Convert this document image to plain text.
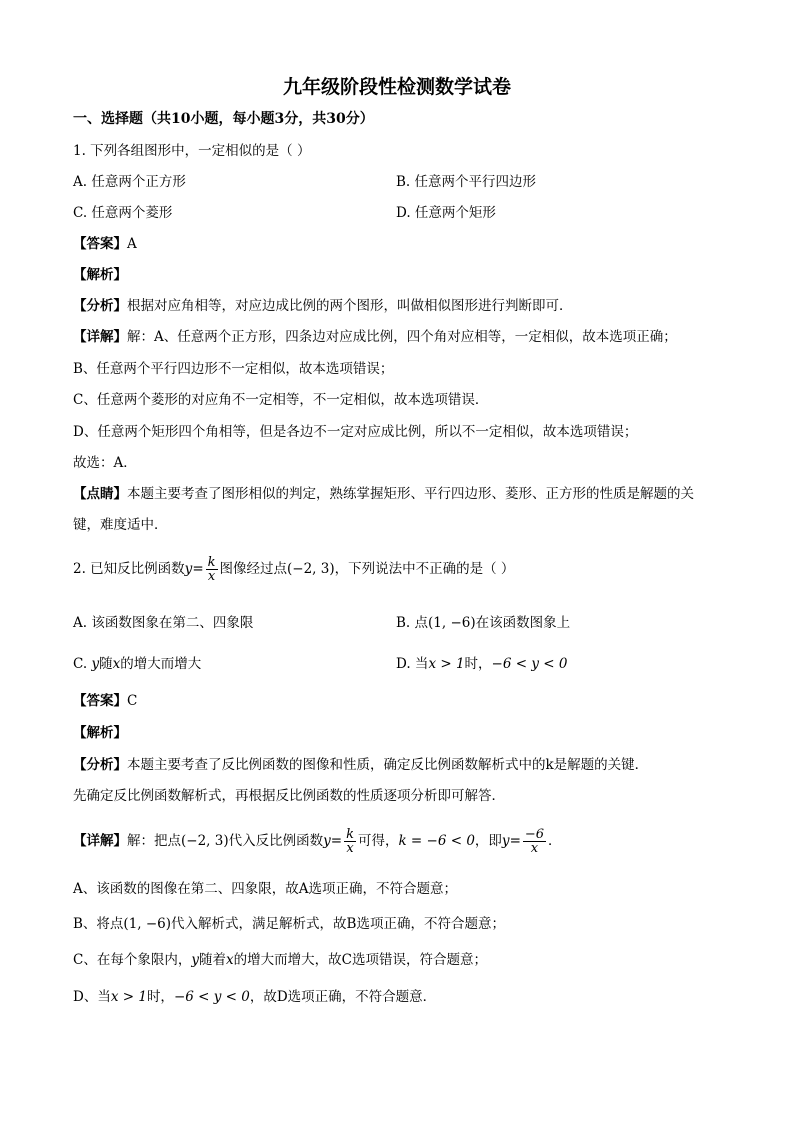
九年级阶段性检测数学试卷
一、选择题（共10小题，每小题3分，共30分）
1. 下列各组图形中，一定相似的是（ ）
A. 任意两个正方形	B. 任意两个平行四边形
C. 任意两个菱形	D. 任意两个矩形
【答案】A
【解析】
【分析】根据对应角相等，对应边成比例的两个图形，叫做相似图形进行判断即可．
【详解】解：A、任意两个正方形，四条边对应成比例，四个角对应相等，一定相似，故本选项正确；
B、任意两个平行四边形不一定相似，故本选项错误；
C、任意两个菱形的对应角不一定相等，不一定相似，故本选项错误．
D、任意两个矩形四个角相等，但是各边不一定对应成比例，所以不一定相似，故本选项错误；
故选：A．
【点睛】本题主要考查了图形相似的判定，熟练掌握矩形、平行四边形、菱形、正方形的性质是解题的关
键，难度适中．
2. 已知反比例函数$y= \frac{k}{x}$ 图像经过点(−2, 3)，下列说法中不正确的是（ ）
A. 该函数图象在第二、四象限	B. 点(1, −6)在该函数图象上
C. y随x的增大而增大	D. 当x > 1时，−6 < y < 0
【答案】C
【解析】
【分析】本题主要考查了反比例函数的图像和性质，确定反比例函数解析式中的k是解题的关键．
先确定反比例函数解析式，再根据反比例函数的性质逐项分析即可解答．
【详解】解：把点(−2, 3)代入反比例函数$y= \frac{k}{x}$ 可得，k = −6 < 0，即$y= \frac{-6}{x}$ ．
A、该函数的图像在第二、四象限，故A选项正确，不符合题意；
B、将点(1, −6)代入解析式，满足解析式，故B选项正确，不符合题意；
C、在每个象限内，y随着x的增大而增大，故C选项错误，符合题意；
D、当x > 1时，−6 < y < 0，故D选项正确，不符合题意．
